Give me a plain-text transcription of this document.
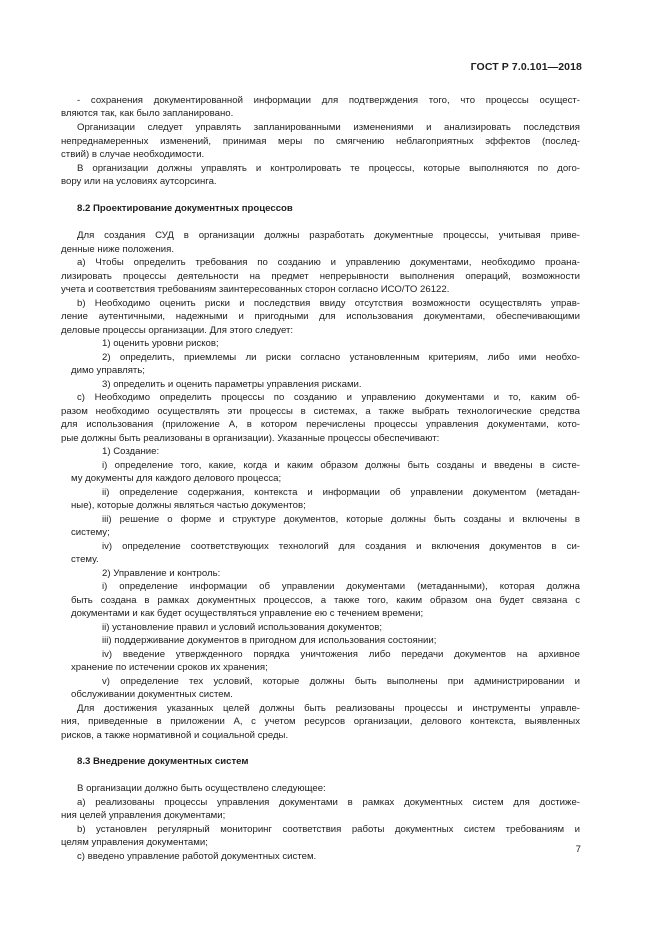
ГОСТ Р 7.0.101—2018
- сохранения документированной информации для подтверждения того, что процессы осущест-
вляются так, как было запланировано.
Организации следует управлять запланированными изменениями и анализировать последствия
непреднамеренных изменений, принимая меры по смягчению неблагоприятных эффектов (послед-
ствий) в случае необходимости.
В организации должны управлять и контролировать те процессы, которые выполняются по дого-
вору или на условиях аутсорсинга.
8.2 Проектирование документных процессов
Для создания СУД в организации должны разработать документные процессы, учитывая приве-
денные ниже положения.
а) Чтобы определить требования по созданию и управлению документами, необходимо проана-
лизировать процессы деятельности на предмет непрерывности выполнения операций, возможности
учета и соответствия требованиям заинтересованных сторон согласно ИСО/ТО 26122.
b) Необходимо оценить риски и последствия ввиду отсутствия возможности осуществлять управ-
ление аутентичными, надежными и пригодными для использования документами, обеспечивающими
деловые процессы организации. Для этого следует:
1) оценить уровни рисков;
2) определить, приемлемы ли риски согласно установленным критериям, либо ими необхо-
димо управлять;
3) определить и оценить параметры управления рисками.
c) Необходимо определить процессы по созданию и управлению документами и то, каким об-
разом необходимо осуществлять эти процессы в системах, а также выбрать технологические средства
для использования (приложение А, в котором перечислены процессы управления документами, кото-
рые должны быть реализованы в организации). Указанные процессы обеспечивают:
1) Создание:
i) определение того, какие, когда и каким образом должны быть созданы и введены в систе-
му документы для каждого делового процесса;
ii) определение содержания, контекста и информации об управлении документом (метадан-
ные), которые должны являться частью документов;
iii) решение о форме и структуре документов, которые должны быть созданы и включены в
систему;
iv) определение соответствующих технологий для создания и включения документов в си-
стему.
2) Управление и контроль:
i) определение информации об управлении документами (метаданными), которая должна
быть создана в рамках документных процессов, а также того, каким образом она будет связана с
документами и как будет осуществляться управление ею с течением времени;
ii) установление правил и условий использования документов;
iii) поддерживание документов в пригодном для использования состоянии;
iv) введение утвержденного порядка уничтожения либо передачи документов на архивное
хранение по истечении сроков их хранения;
v) определение тех условий, которые должны быть выполнены при администрировании и
обслуживании документных систем.
Для достижения указанных целей должны быть реализованы процессы и инструменты управле-
ния, приведенные в приложении А, с учетом ресурсов организации, делового контекста, выявленных
рисков, а также нормативной и социальной среды.
8.3 Внедрение документных систем
В организации должно быть осуществлено следующее:
а) реализованы процессы управления документами в рамках документных систем для достиже-
ния целей управления документами;
b) установлен регулярный мониторинг соответствия работы документных систем требованиям и
целям управления документами;
c) введено управление работой документных систем.
7
